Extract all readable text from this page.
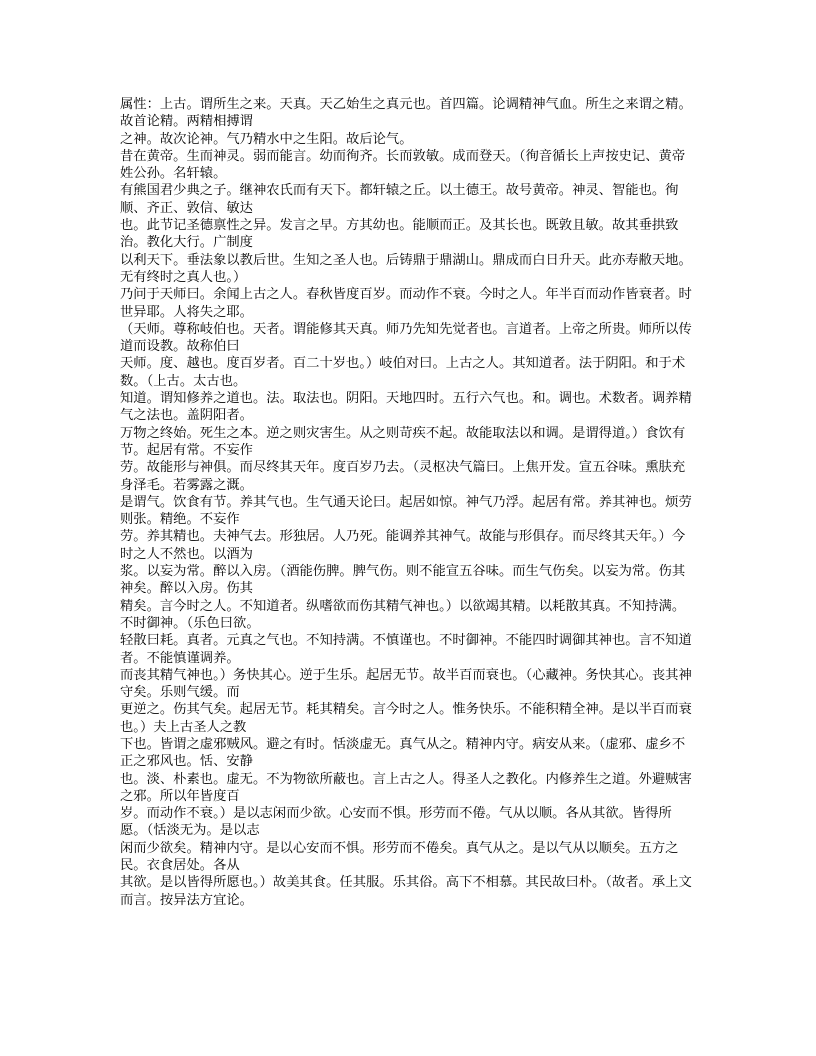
属性：上古。谓所生之来。天真。天乙始生之真元也。首四篇。论调精神气血。所生之来谓之精。故首论精。两精相搏谓

之神。故次论神。气乃精水中之生阳。故后论气。

昔在黄帝。生而神灵。弱而能言。幼而徇齐。长而敦敏。成而登天。（徇音循长上声按史记、黄帝姓公孙。名轩辕。

有熊国君少典之子。继神农氏而有天下。都轩辕之丘。以土德王。故号黄帝。神灵、智能也。徇顺、齐正、敦信、敏达

也。此节记圣德禀性之异。发言之早。方其幼也。能顺而正。及其长也。既敦且敏。故其垂拱致治。教化大行。广制度

以利天下。垂法象以教后世。生知之圣人也。后铸鼎于鼎湖山。鼎成而白日升天。此亦寿敝天地。无有终时之真人也。）

乃问于天师曰。余闻上古之人。春秋皆度百岁。而动作不衰。今时之人。年半百而动作皆衰者。时世异耶。人将失之耶。

（天师。尊称岐伯也。天者。谓能修其天真。师乃先知先觉者也。言道者。上帝之所贵。师所以传道而设教。故称伯曰

天师。度、越也。度百岁者。百二十岁也。）岐伯对曰。上古之人。其知道者。法于阴阳。和于术数。（上古。太古也。

知道。谓知修养之道也。法。取法也。阴阳。天地四时。五行六气也。和。调也。术数者。调养精气之法也。盖阴阳者。

万物之终始。死生之本。逆之则灾害生。从之则苛疾不起。故能取法以和调。是谓得道。）食饮有节。起居有常。不妄作

劳。故能形与神俱。而尽终其天年。度百岁乃去。（灵枢决气篇曰。上焦开发。宣五谷味。熏肤充身泽毛。若雾露之溉。

是谓气。饮食有节。养其气也。生气通天论曰。起居如惊。神气乃浮。起居有常。养其神也。烦劳则张。精绝。不妄作

劳。养其精也。夫神气去。形独居。人乃死。能调养其神气。故能与形俱存。而尽终其天年。）今时之人不然也。以酒为

浆。以妄为常。醉以入房。（酒能伤脾。脾气伤。则不能宣五谷味。而生气伤矣。以妄为常。伤其神矣。醉以入房。伤其

精矣。言今时之人。不知道者。纵嗜欲而伤其精气神也。）以欲竭其精。以耗散其真。不知持满。不时御神。（乐色曰欲。

轻散曰耗。真者。元真之气也。不知持满。不慎谨也。不时御神。不能四时调御其神也。言不知道者。不能慎谨调养。

而丧其精气神也。）务快其心。逆于生乐。起居无节。故半百而衰也。（心藏神。务快其心。丧其神守矣。乐则气缓。而

更逆之。伤其气矣。起居无节。耗其精矣。言今时之人。惟务快乐。不能积精全神。是以半百而衰也。）夫上古圣人之教

下也。皆谓之虚邪贼风。避之有时。恬淡虚无。真气从之。精神内守。病安从来。（虚邪、虚乡不正之邪风也。恬、安静

也。淡、朴素也。虚无。不为物欲所蔽也。言上古之人。得圣人之教化。内修养生之道。外避贼害之邪。所以年皆度百

岁。而动作不衰。）是以志闲而少欲。心安而不惧。形劳而不倦。气从以顺。各从其欲。皆得所愿。（恬淡无为。是以志

闲而少欲矣。精神内守。是以心安而不惧。形劳而不倦矣。真气从之。是以气从以顺矣。五方之民。衣食居处。各从

其欲。是以皆得所愿也。）故美其食。任其服。乐其俗。高下不相慕。其民故曰朴。（故者。承上文而言。按异法方宜论。
